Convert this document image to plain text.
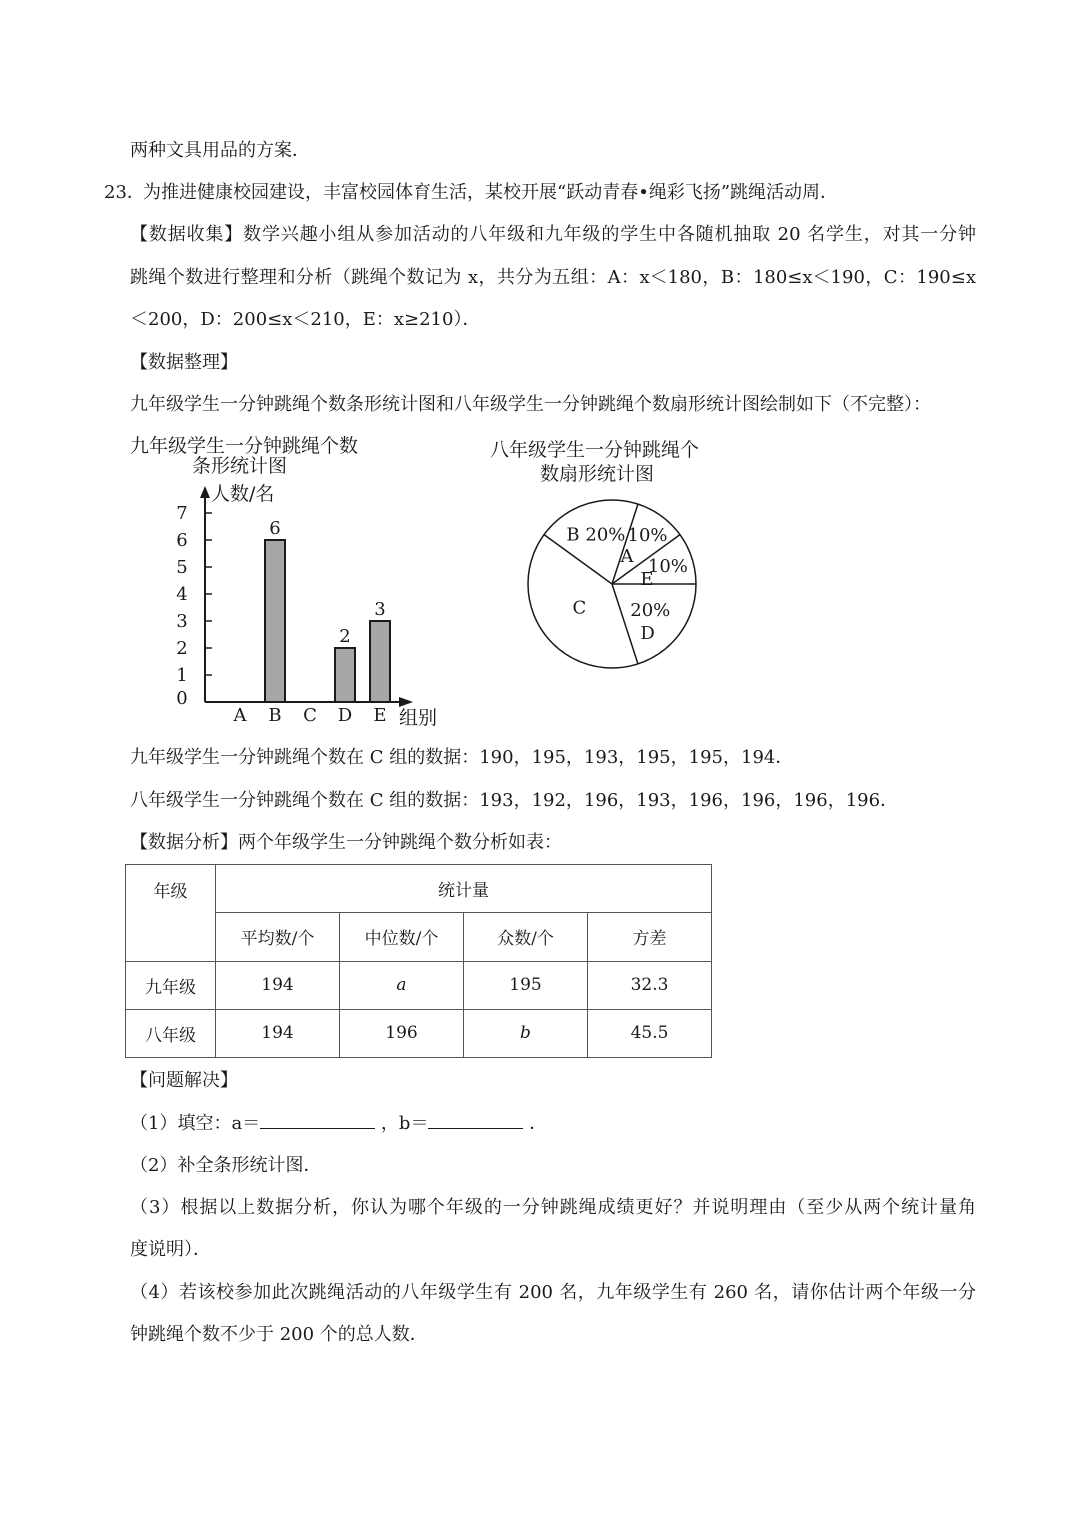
两种文具用品的方案．
23．
为推进健康校园建设，丰富校园体育生活，某校开展“跃动青春•绳彩飞扬”跳绳活动周．
【数据收集】数学兴趣小组从参加活动的八年级和九年级的学生中各随机抽取 20 名学生，对其一分钟
跳绳个数进行整理和分析（跳绳个数记为 x，共分为五组：A：x＜180，B：180≤x＜190，C：190≤x
＜200，D：200≤x＜210，E：x≥210）．
【数据整理】
九年级学生一分钟跳绳个数条形统计图和八年级学生一分钟跳绳个数扇形统计图绘制如下（不完整）：
九年级学生一分钟跳绳个数
条形统计图
0
1
2
3
4
5
6
7
A B C D E
6
2
3
人数/名
组别
八年级学生一分钟跳绳个
数扇形统计图
B 20%
A
10%
E
10%
D
20%
C
九年级学生一分钟跳绳个数在 C 组的数据：190，195，193，195，195，194．
八年级学生一分钟跳绳个数在 C 组的数据：193，192，196，193，196，196，196，196．
【数据分析】两个年级学生一分钟跳绳个数分析如表：
年级	统计量			
	平均数/个	中位数/个	众数/个	方差
九年级	194	a	195	32.3
八年级	194	196	b	45.5
【问题解决】
（1）填空：a＝	，b＝	．
（2）补全条形统计图．
（3）根据以上数据分析，你认为哪个年级的一分钟跳绳成绩更好？并说明理由（至少从两个统计量角
度说明）．
（4）若该校参加此次跳绳活动的八年级学生有 200 名，九年级学生有 260 名，请你估计两个年级一分
钟跳绳个数不少于 200 个的总人数．
